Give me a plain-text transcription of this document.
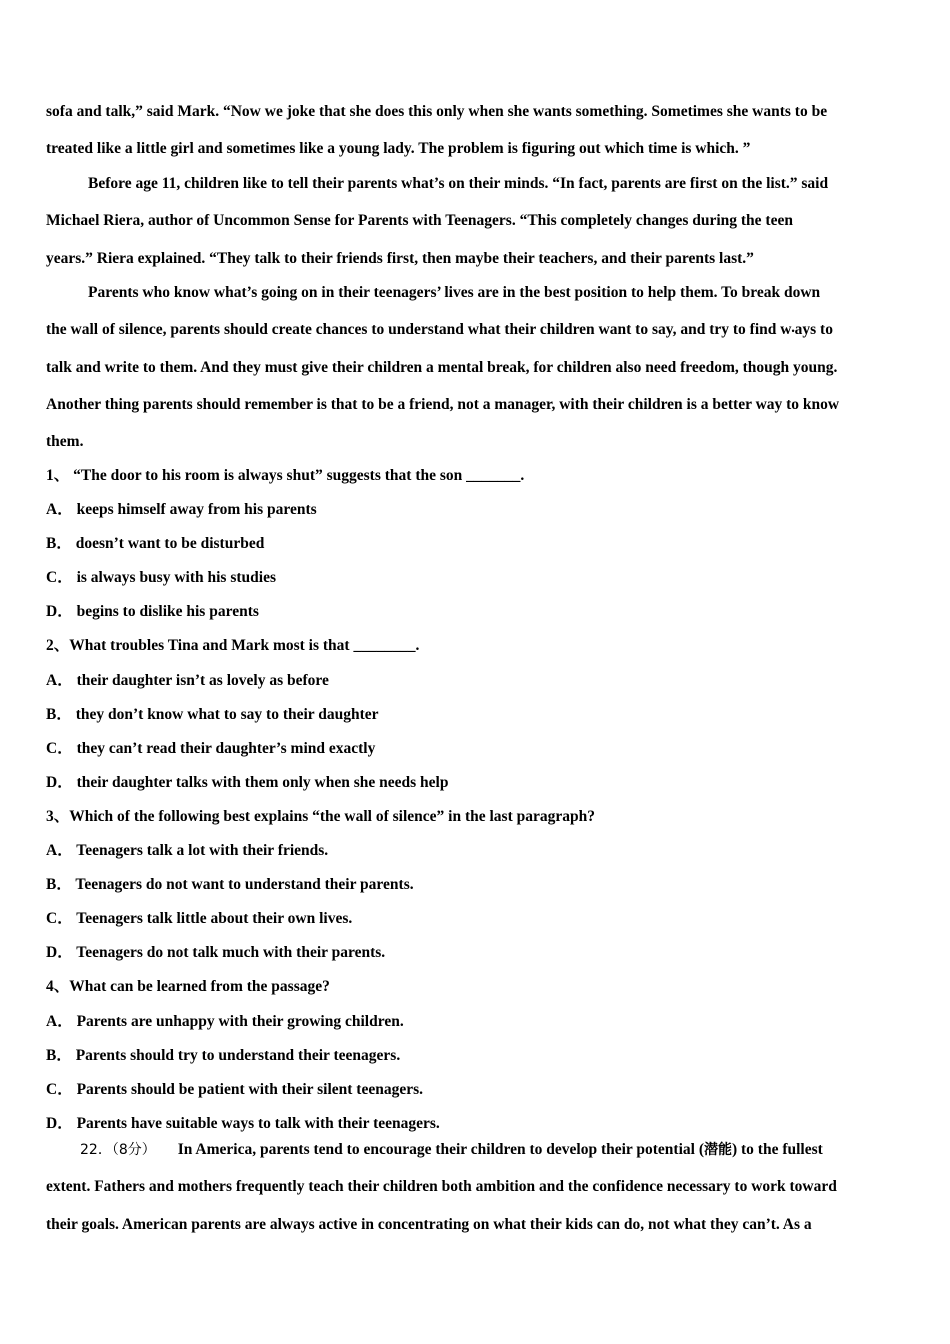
sofa and talk,” said Mark. “Now we joke that she does this only when she wants something. Sometimes she wants to be
treated like a little girl and sometimes like a young lady. The problem is figuring out which time is which. ”
Before age 11, children like to tell their parents what’s on their minds. “In fact, parents are first on the list.” said
Michael Riera, author of Uncommon Sense for Parents with Teenagers. “This completely changes during the teen
years.” Riera explained. “They talk to their friends first, then maybe their teachers, and their parents last.”
Parents who know what’s going on in their teenagers’ lives are in the best position to help them. To break down
the wall of silence, parents should create chances to understand what their children want to say, and try to find w•ays to
talk and write to them. And they must give their children a mental break, for children also need freedom, though young.
Another thing parents should remember is that to be a friend, not a manager, with their children is a better way to know
them.
1、 “The door to his room is always shut” suggests that the son _______.
A． keeps himself away from his parents
B． doesn’t want to be disturbed
C． is always busy with his studies
D． begins to dislike his parents
2、What troubles Tina and Mark most is that ________.
A． their daughter isn’t as lovely as before
B． they don’t know what to say to their daughter
C． they can’t read their daughter’s mind exactly
D． their daughter talks with them only when she needs help
3、Which of the following best explains “the wall of silence” in the last paragraph?
A． Teenagers talk a lot with their friends.
B． Teenagers do not want to understand their parents.
C． Teenagers talk little about their own lives.
D． Teenagers do not talk much with their parents.
4、What can be learned from the passage?
A． Parents are unhappy with their growing children.
B． Parents should try to understand their teenagers.
C． Parents should be patient with their silent teenagers.
D． Parents have suitable ways to talk with their teenagers.
22．（8分） In America, parents tend to encourage their children to develop their potential (潜能) to the fullest
extent. Fathers and mothers frequently teach their children both ambition and the confidence necessary to work toward
their goals. American parents are always active in concentrating on what their kids can do, not what they can’t. As a
